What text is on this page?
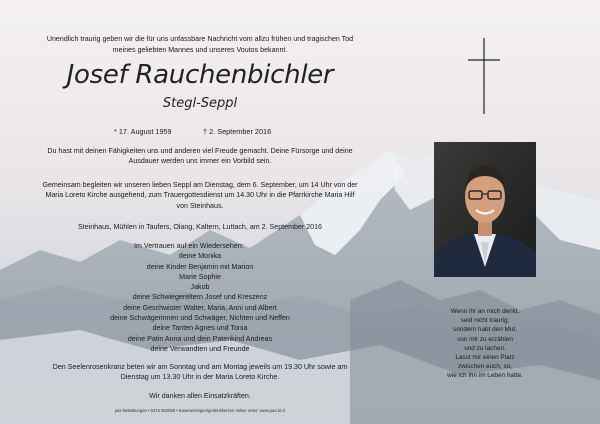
Unendlich traurig geben wir die für uns unfassbare Nachricht vom allzu frühen und tragischen Tod meines geliebten Mannes und unseres Voutos bekannt.
Josef Rauchenbichler
Stegl-Seppl
* 17. August 1959	† 2. September 2016
Du hast mit deinen Fähigkeiten uns und anderen viel Freude gemacht. Deine Fürsorge und deine Ausdauer werden uns immer ein Vorbild sein.
Gemeinsam begleiten wir unseren lieben Seppl am Dienstag, dem 6. September, um 14 Uhr von der Maria Loreto Kirche ausgehend, zum Trauergottesdienst um 14.30 Uhr in die Pfarrkirche Maria Hilf von Steinhaus.
Steinhaus, Mühlen in Taufers, Olang, Kaltern, Luttach, am 2. September 2016
Im Vertrauen auf ein Wiedersehen:
deine Monika
deine Kinder Benjamin mit Marion
Marie Sophie
Jakob
deine Schwiegereltern Josef und Kreszenz
deine Geschwister Walter, Maria, Anni und Albert
deine Schwägerinnen und Schwäger, Nichten und Neffen
deine Tanten Agnes und Tonia
deine Patin Anna und dein Patenkind Andreas
deine Verwandten und Freunde
Den Seelenrosenkranz beten wir am Sonntag und am Montag jeweils um 19.30 Uhr sowie am Dienstag um 13.30 Uhr in der Maria Loreto Kirche.
Wir danken allen Einsatzkräften.
pax bestattungen • 0474 652066 • traueranzeigen/gedenkkerzen online unter: www.pax.bz.it
Wenn ihr an mich denkt,
seid nicht traurig,
sondern habt den Mut,
von mir zu erzählen
und zu lachen.
Lasst mir einen Platz
zwischen euch, so,
wie ich ihn im Leben hatte.
